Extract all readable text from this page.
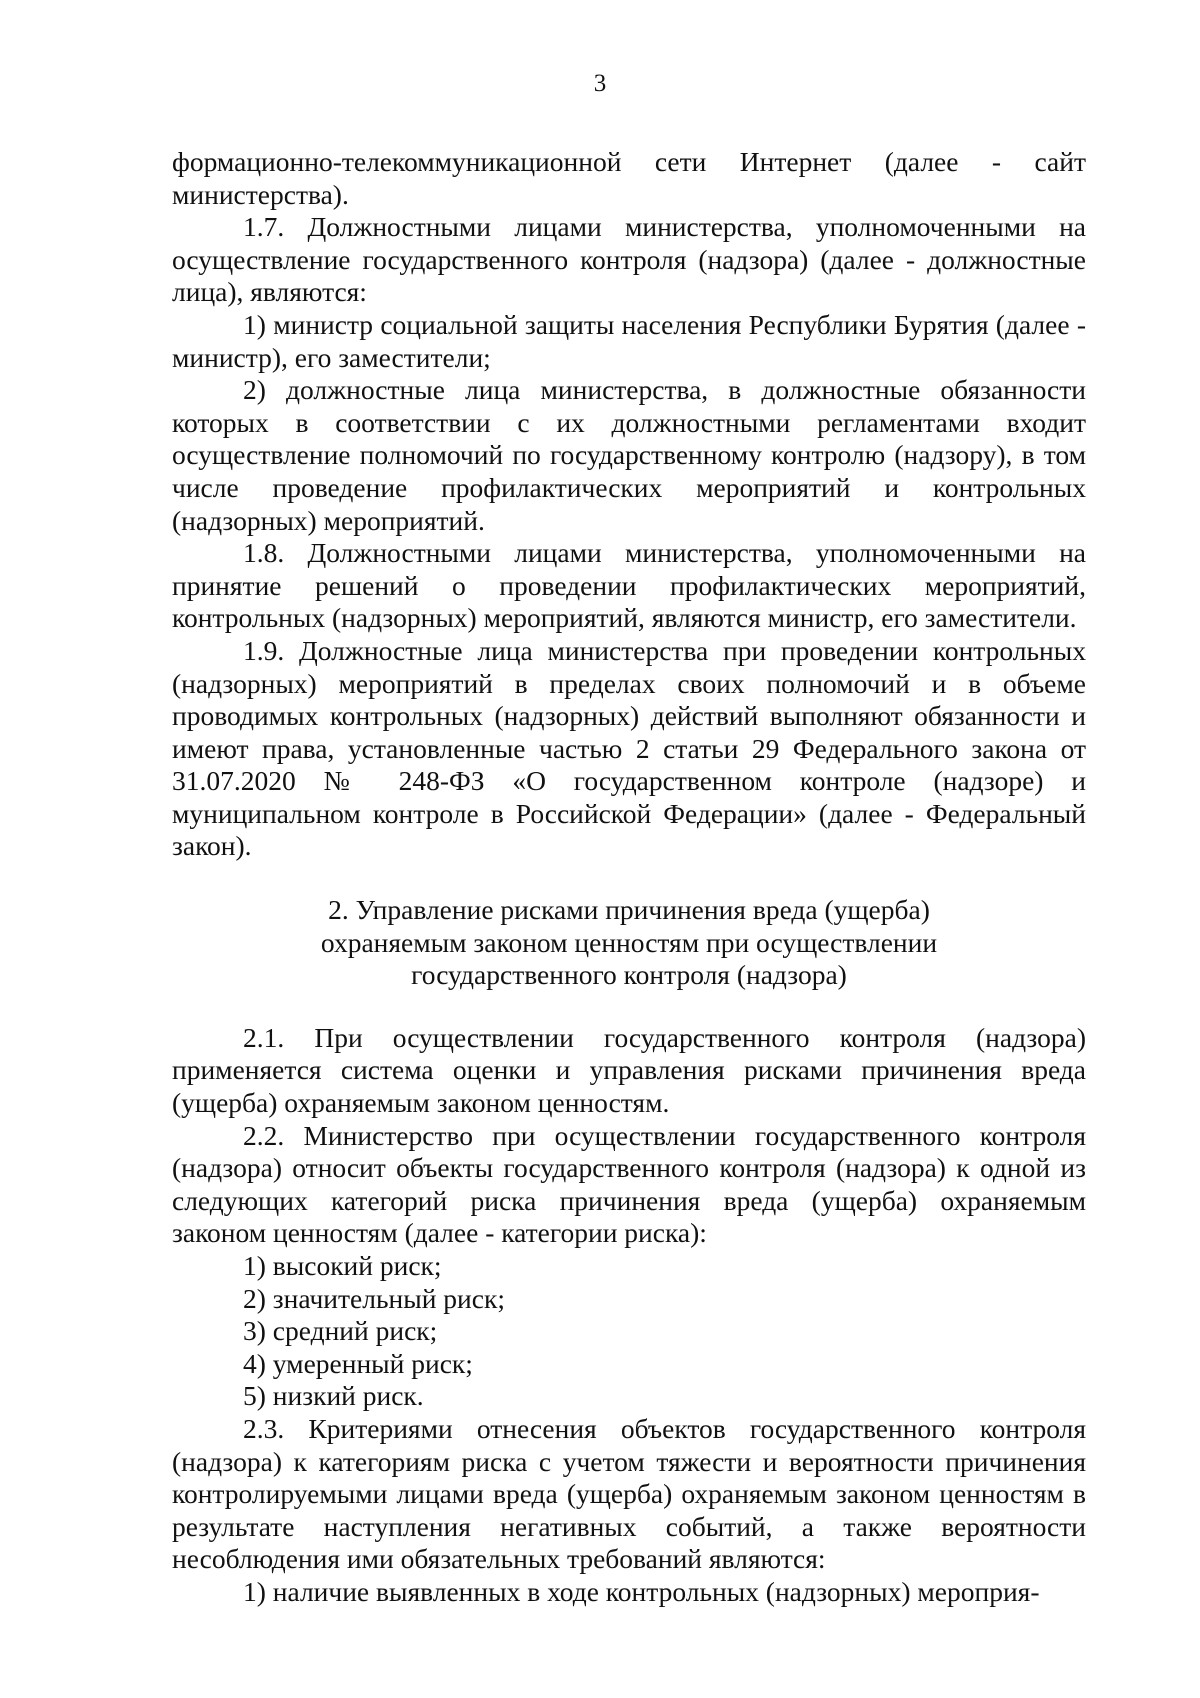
3

формационно-телекоммуникационной сети Интернет (далее - сайт министерства).

1.7. Должностными лицами министерства, уполномоченными на осуществление государственного контроля (надзора) (далее - должностные лица), являются:

1) министр социальной защиты населения Республики Бурятия (далее - министр), его заместители;

2) должностные лица министерства, в должностные обязанности которых в соответствии с их должностными регламентами входит осуществление полномочий по государственному контролю (надзору), в том числе проведение профилактических мероприятий и контрольных (надзорных) мероприятий.

1.8. Должностными лицами министерства, уполномоченными на принятие решений о проведении профилактических мероприятий, контрольных (надзорных) мероприятий, являются министр, его заместители.

1.9. Должностные лица министерства при проведении контрольных (надзорных) мероприятий в пределах своих полномочий и в объеме проводимых контрольных (надзорных) действий выполняют обязанности и имеют права, установленные частью 2 статьи 29 Федерального закона от 31.07.2020 № 248-ФЗ «О государственном контроле (надзоре) и муниципальном контроле в Российской Федерации» (далее - Федеральный закон).

2. Управление рисками причинения вреда (ущерба)
охраняемым законом ценностям при осуществлении
государственного контроля (надзора)

2.1. При осуществлении государственного контроля (надзора) применяется система оценки и управления рисками причинения вреда (ущерба) охраняемым законом ценностям.

2.2. Министерство при осуществлении государственного контроля (надзора) относит объекты государственного контроля (надзора) к одной из следующих категорий риска причинения вреда (ущерба) охраняемым законом ценностям (далее - категории риска):

1) высокий риск;

2) значительный риск;

3) средний риск;

4) умеренный риск;

5) низкий риск.

2.3. Критериями отнесения объектов государственного контроля (надзора) к категориям риска с учетом тяжести и вероятности причинения контролируемыми лицами вреда (ущерба) охраняемым законом ценностям в результате наступления негативных событий, а также вероятности несоблюдения ими обязательных требований являются:

1) наличие выявленных в ходе контрольных (надзорных) мероприя-
